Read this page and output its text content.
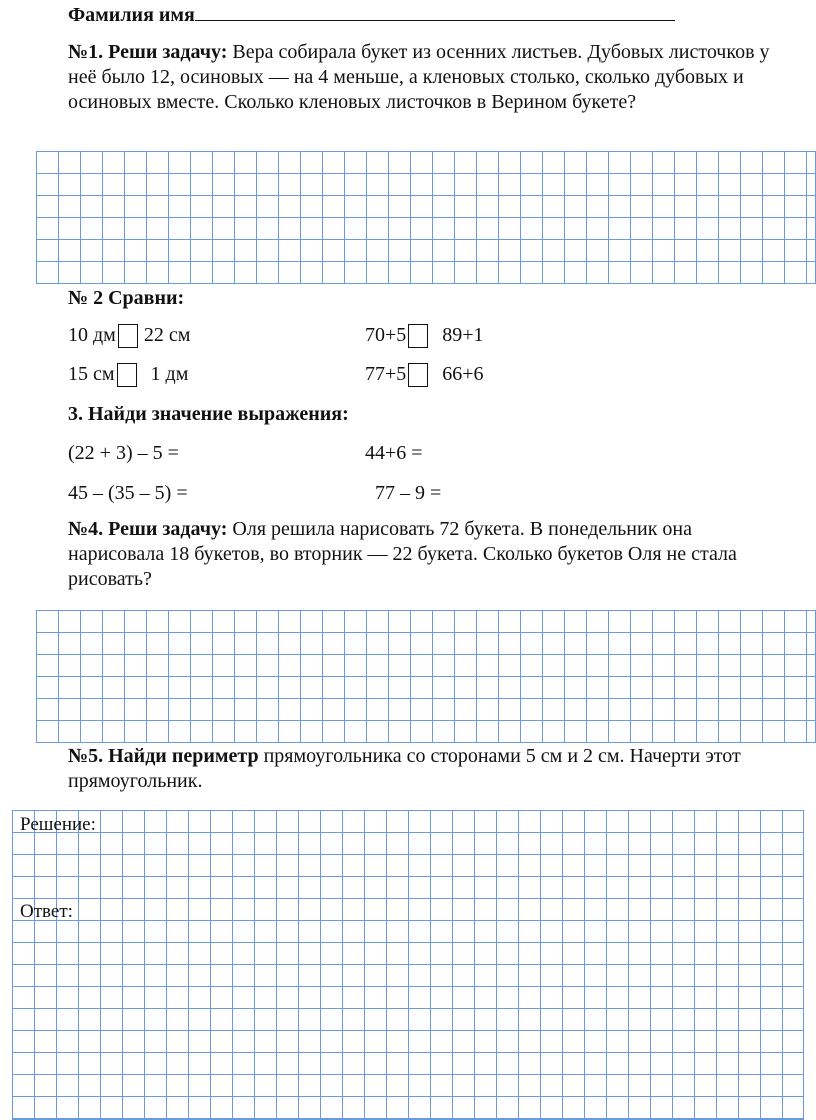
Фамилия имя
№1. Реши задачу: Вера собирала букет из осенних листьев. Дубовых листочков у неё было 12, осиновых — на 4 меньше, а кленовых столько, сколько дубовых и осиновых вместе. Сколько кленовых листочков в Верином букете?
№ 2 Сравни:
10 дм 22 см	70+5 89+1
15 см 1 дм	77+5 66+6
3. Найди значение выражения:
(22 + 3) – 5 =	44+6 =
45 – (35 – 5) =	77 – 9 =
№4. Реши задачу: Оля решила нарисовать 72 букета. В понедельник она нарисовала 18 букетов, во вторник — 22 букета. Сколько букетов Оля не стала рисовать?
№5. Найди периметр прямоугольника со сторонами 5 см и 2 см. Начерти этот прямоугольник.
Решение:
Ответ:
